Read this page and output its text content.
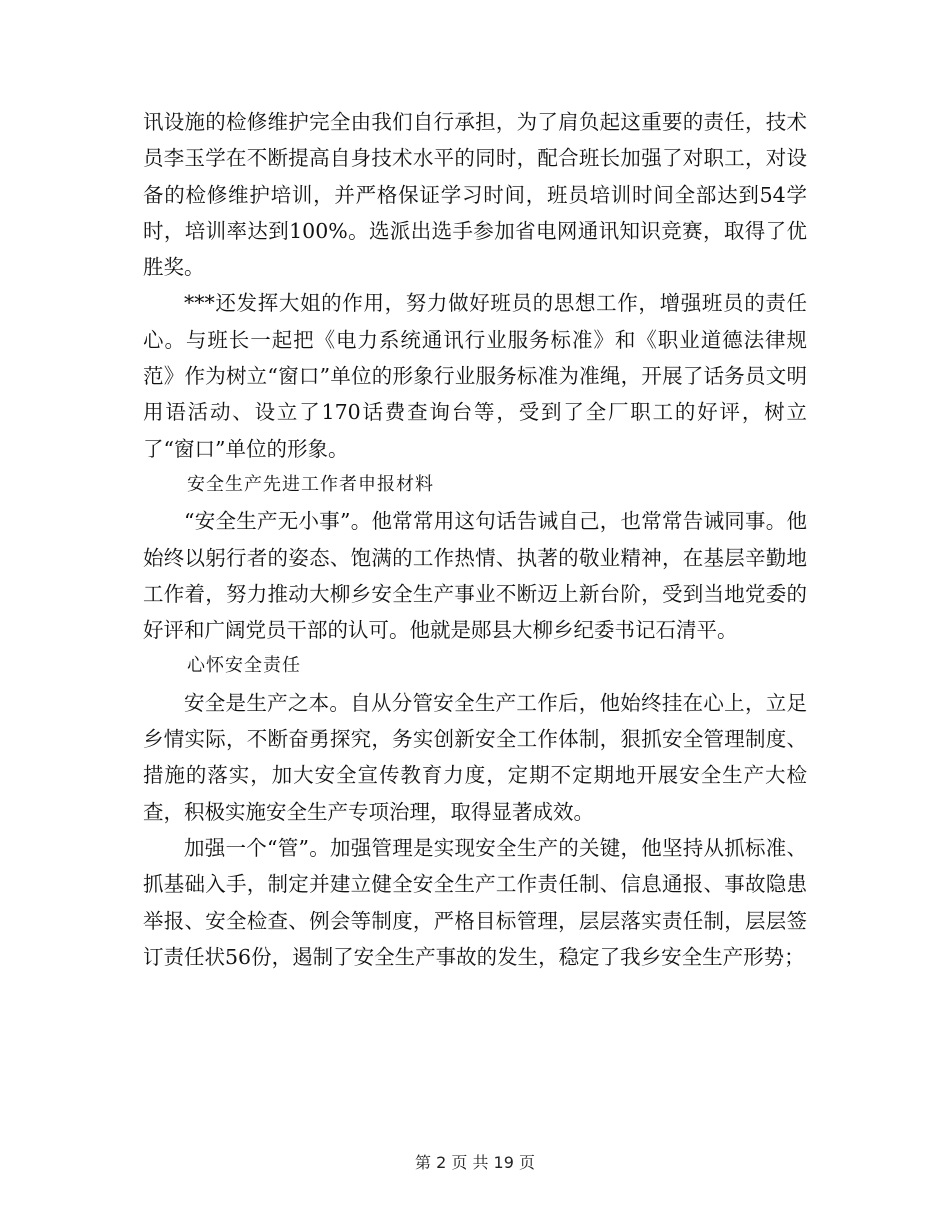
讯设施的检修维护完全由我们自行承担，为了肩负起这重要的责任，技术员李玉学在不断提高自身技术水平的同时，配合班长加强了对职工，对设备的检修维护培训，并严格保证学习时间，班员培训时间全部达到54学时，培训率达到100%。选派出选手参加省电网通讯知识竞赛，取得了优胜奖。

***还发挥大姐的作用，努力做好班员的思想工作，增强班员的责任心。与班长一起把《电力系统通讯行业服务标准》和《职业道德法律规范》作为树立“窗口”单位的形象行业服务标准为准绳，开展了话务员文明用语活动、设立了170话费查询台等，受到了全厂职工的好评，树立了“窗口”单位的形象。

安全生产先进工作者申报材料

“安全生产无小事”。他常常用这句话告诫自己，也常常告诫同事。他始终以躬行者的姿态、饱满的工作热情、执著的敬业精神，在基层辛勤地工作着，努力推动大柳乡安全生产事业不断迈上新台阶，受到当地党委的好评和广阔党员干部的认可。他就是郧县大柳乡纪委书记石清平。

心怀安全责任

安全是生产之本。自从分管安全生产工作后，他始终挂在心上，立足乡情实际，不断奋勇探究，务实创新安全工作体制，狠抓安全管理制度、措施的落实，加大安全宣传教育力度，定期不定期地开展安全生产大检查，积极实施安全生产专项治理，取得显著成效。

加强一个“管”。加强管理是实现安全生产的关键，他坚持从抓标准、抓基础入手，制定并建立健全安全生产工作责任制、信息通报、事故隐患举报、安全检查、例会等制度，严格目标管理，层层落实责任制，层层签订责任状56份，遏制了安全生产事故的发生，稳定了我乡安全生产形势；

第 2 页 共 19 页
